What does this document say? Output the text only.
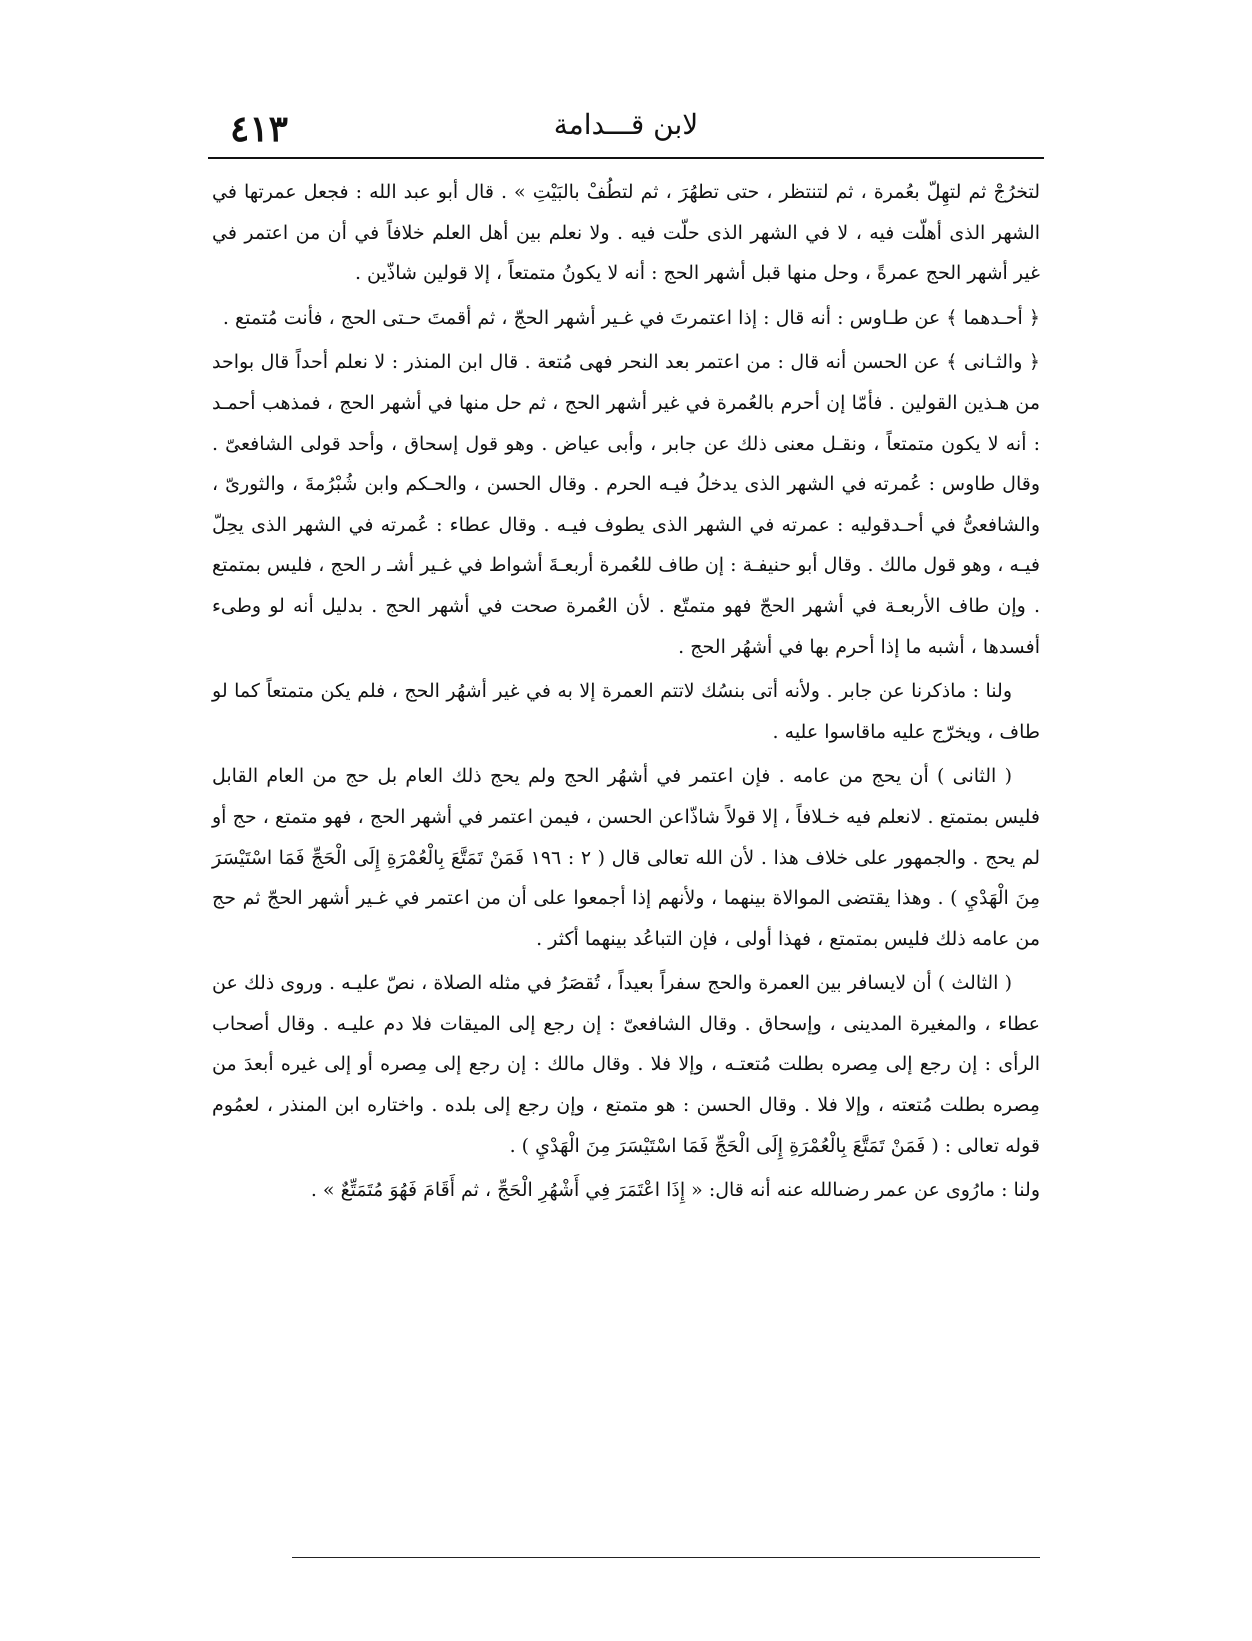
٤١٣	لابن قـــدامة

لتخرُجْ ثم لتهِلّ بعُمرة ، ثم لتنتظر ، حتى تطهُرَ ، ثم لتطُفْ بالبَيْتِ » . قال أبو عبد الله : فجعل عمرتها في الشهر الذى أهلّت فيه ، لا في الشهر الذى حلّت فيه . ولا نعلم بين أهل العلم خلافاً في أن من اعتمر في غير أشهر الحج عمرةً ، وحل منها قبل أشهر الحج : أنه لا يكونُ متمتعاً ، إلا قولين شاذّين .

﴿ أحـدهما ﴾ عن طـاوس : أنه قال : إذا اعتمرتَ في غـير أشهر الحجّ ، ثم أقمتَ حـتى الحج ، فأنت مُتمتع .

﴿ والثـانى ﴾ عن الحسن أنه قال : من اعتمر بعد النحر فهى مُتعة . قال ابن المنذر : لا نعلم أحداً قال بواحد من هـذين القولين . فأمّا إن أحرم بالعُمرة في غير أشهر الحج ، ثم حل منها في أشهر الحج ، فمذهب أحمـد : أنه لا يكون متمتعاً ، ونقـل معنى ذلك عن جابر ، وأبى عياض . وهو قول إسحاق ، وأحد قولى الشافعىّ . وقال طاوس : عُمرته في الشهر الذى يدخلُ فيـه الحرم . وقال الحسن ، والحـكم وابن شُبْرُمةَ ، والثورىّ ، والشافعىُّ في أحـدقوليه : عمرته في الشهر الذى يطوف فيـه . وقال عطاء : عُمرته في الشهر الذى يحِلّ فيـه ، وهو قول مالك . وقال أبو حنيفـة : إن طاف للعُمرة أربعـةَ أشواط في غـير أشـ ر الحج ، فليس بمتمتع . وإن طاف الأربعـة في أشهر الحجّ فهو متمتّع . لأن العُمرة صحت في أشهر الحج . بدليل أنه لو وطىء أفسدها ، أشبه ما إذا أحرم بها في أشهُر الحج .

ولنا : ماذكرنا عن جابر . ولأنه أتى بنسُك لاتتم العمرة إلا به في غير أشهُر الحج ، فلم يكن متمتعاً كما لو طاف ، ويخرّج عليه ماقاسوا عليه .

( الثانى ) أن يحج من عامه . فإن اعتمر في أشهُر الحج ولم يحج ذلك العام بل حج من العام القابل فليس بمتمتع . لانعلم فيه خـلافاً ، إلا قولاً شاذّاعن الحسن ، فيمن اعتمر في أشهر الحج ، فهو متمتع ، حج أو لم يحج . والجمهور على خلاف هذا . لأن الله تعالى قال ( ٢ : ١٩٦ فَمَنْ تَمَتَّعَ بِالْعُمْرَةِ إِلَى الْحَجِّ فَمَا اسْتَيْسَرَ مِنَ الْهَدْيِ ) . وهذا يقتضى الموالاة بينهما ، ولأنهم إذا أجمعوا على أن من اعتمر في غـير أشهر الحجّ ثم حج من عامه ذلك فليس بمتمتع ، فهذا أولى ، فإن التباعُد بينهما أكثر .

( الثالث ) أن لايسافر بين العمرة والحج سفراً بعيداً ، تُقصَرُ في مثله الصلاة ، نصّ عليـه . وروى ذلك عن عطاء ، والمغيرة المدينى ، وإسحاق . وقال الشافعىّ : إن رجع إلى الميقات فلا دم عليـه . وقال أصحاب الرأى : إن رجع إلى مِصره بطلت مُتعتـه ، وإلا فلا . وقال مالك : إن رجع إلى مِصره أو إلى غيره أبعدَ من مِصره بطلت مُتعته ، وإلا فلا . وقال الحسن : هو متمتع ، وإن رجع إلى بلده . واختاره ابن المنذر ، لعمُوم قوله تعالى : ( فَمَنْ تَمَتَّعَ بِالْعُمْرَةِ إِلَى الْحَجِّ فَمَا اسْتَيْسَرَ مِنَ الْهَدْيِ ) .

ولنا : مارُوى عن عمر رضىالله عنه أنه قال: « إِذَا اعْتَمَرَ فِي أَشْهُرِ الْحَجِّ ، ثم أَقَامَ فَهُوَ مُتَمَتِّعٌ » .
